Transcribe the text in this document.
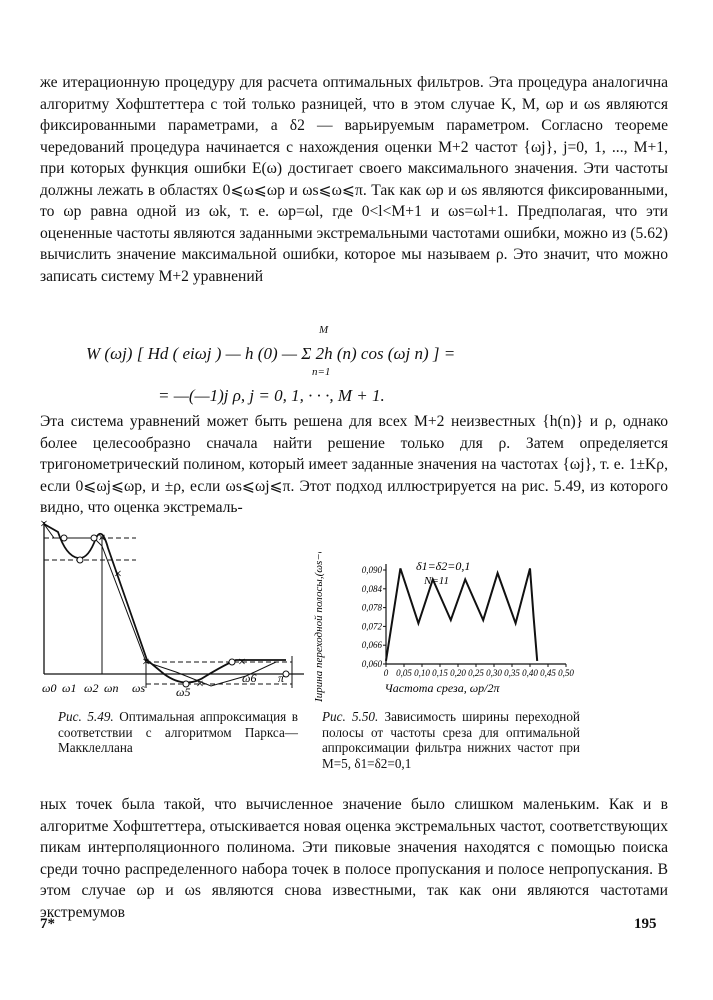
же итерационную процедуру для расчета оптимальных фильтров. Эта процедура аналогична алгоритму Хофштеттера с той только разницей, что в этом случае K, M, ωp и ωs являются фиксированными параметрами, а δ2 — варьируемым параметром. Согласно теореме чередований процедура начинается с нахождения оценки M+2 частот {ωj}, j=0, 1, ..., M+1, при которых функция ошибки E(ω) достигает своего максимального значения. Эти частоты должны лежать в областях 0⩽ω⩽ωp и ωs⩽ω⩽π. Так как ωp и ωs являются фиксированными, то ωp равна одной из ωk, т. е. ωp=ωl, где 0<l<M+1 и ωs=ωl+1. Предполагая, что эти оцененные частоты являются заданными экстремальными частотами ошибки, можно из (5.62) вычислить значение максимальной ошибки, которое мы называем ρ. Это значит, что можно записать систему M+2 уравнений

W (ωj) [ Hd ( eiωj ) — h (0) — Σ 2h (n) cos (ωj n) ] =
M
n=1
= —(—1)j ρ, j = 0, 1, · · ·, M + 1.

Эта система уравнений может быть решена для всех M+2 неизвестных {h(n)} и ρ, однако более целесообразно сначала найти решение только для ρ. Затем определяется тригонометрический полином, который имеет заданные значения на частотах {ωj}, т. е. 1±Kρ, если 0⩽ωj⩽ωp, и ±ρ, если ωs⩽ωj⩽π. Этот подход иллюстрируется на рис. 5.49, из которого видно, что оценка экстремаль-

×
×
×
×
×
×
ω0 ω1 ω2 ωп ωs	ω5
ω6 π
δ1=δ2=0,1
N=11
Частота среза, ωp/2π
Ширина переходной полосы,(ωs−ωp)/2π	0,090
0,084
0,078
0,072
0,066
0,060
0 0,05 0,10 0,15 0,20 0,25 0,30 0,35 0,40 0,45 0,50
Рис. 5.49. Оптимальная аппроксимация в соответствии с алгоритмом Паркса—Макклеллана
Рис. 5.50. Зависимость ширины переходной полосы от частоты среза для оптимальной аппроксимации фильтра нижних частот при M=5, δ1=δ2=0,1

ных точек была такой, что вычисленное значение было слишком маленьким. Как и в алгоритме Хофштеттера, отыскивается новая оценка экстремальных частот, соответствующих пикам интерполяционного полинома. Эти пиковые значения находятся с помощью поиска среди точно распределенного набора точек в полосе пропускания и полосе непропускания. В этом случае ωp и ωs являются снова известными, так как они являются частотами экстремумов

7*	195
